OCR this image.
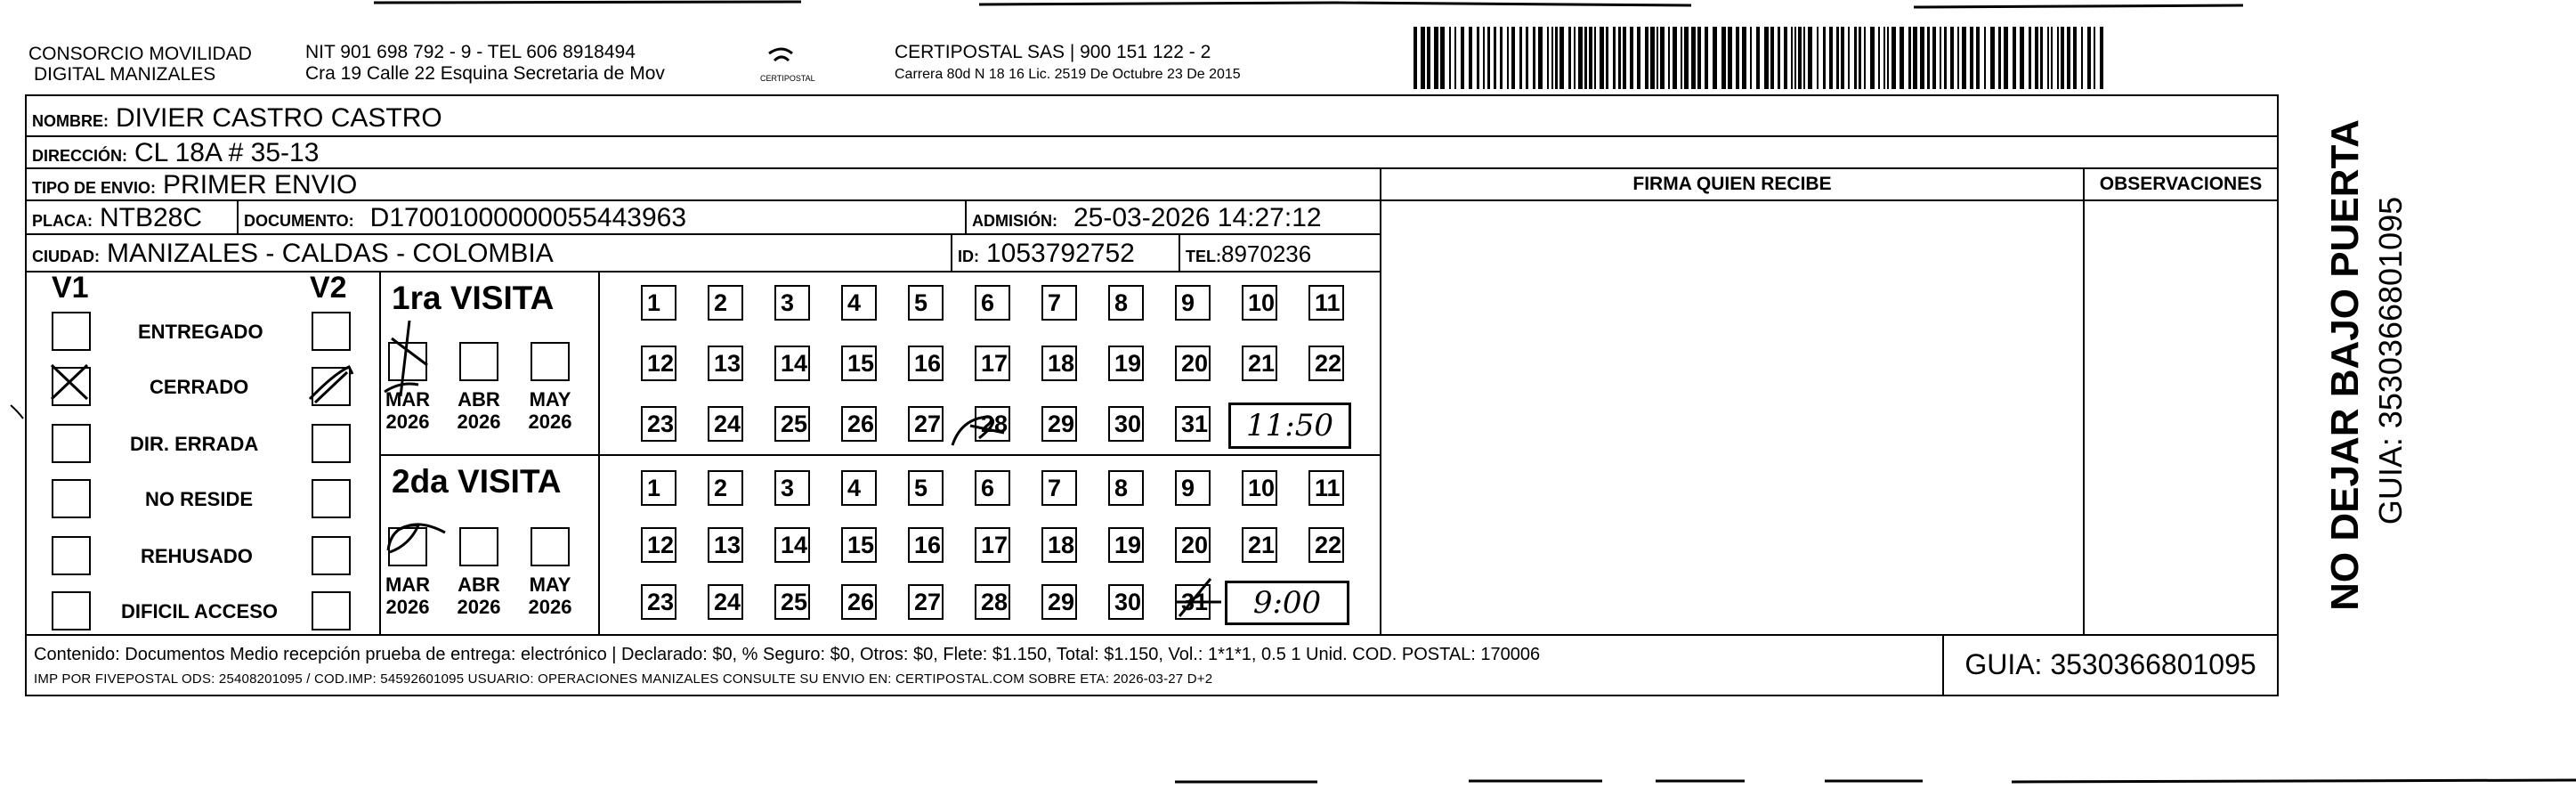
CONSORCIO MOVILIDAD
DIGITAL MANIZALES
NIT 901 698 792 - 9 - TEL 606 8918494
Cra 19 Calle 22 Esquina Secretaria de Mov	CERTIPOSTAL
CERTIPOSTAL SAS | 900 151 122 - 2
Carrera 80d N 18 16 Lic. 2519 De Octubre 23 De 2015
NOMBRE: DIVIER CASTRO CASTRO
DIRECCIÓN: CL 18A # 35-13
TIPO DE ENVIO: PRIMER ENVIO	FIRMA QUIEN RECIBE	OBSERVACIONES
PLACA: NTB28C	DOCUMENTO: D17001000000055443963	ADMISIÓN: 25-03-2026 14:27:12
CIUDAD: MANIZALES - CALDAS - COLOMBIA	ID: 1053792752	TEL: 8970236
V1	V2
ENTREGADO
CERRADO
DIR. ERRADA
NO RESIDE
REHUSADO
DIFICIL ACCESO
1ra VISITA
2da VISITA
MAR
2026
ABR
2026
MAY
2026
MAR
2026
ABR
2026
MAY
2026
1	2	3	4	5	6	7	8	9	10 11
12 13 14 15 16 17 18 19 20 21 22
23 24 25 26 27 28 29 30 31
1	2	3	4	5	6	7	8	9	10 11
12 13 14 15 16 17 18 19 20 21 22
23 24 25 26 27 28 29 30 31
11:50
9:00
Contenido: Documentos Medio recepción prueba de entrega: electrónico | Declarado: $0, % Seguro: $0, Otros: $0, Flete: $1.150, Total: $1.150, Vol.: 1*1*1, 0.5 1 Unid. COD. POSTAL: 170006
IMP POR FIVEPOSTAL ODS: 25408201095 / COD.IMP: 54592601095 USUARIO: OPERACIONES MANIZALES CONSULTE SU ENVIO EN: CERTIPOSTAL.COM SOBRE ETA: 2026-03-27 D+2	GUIA: 3530366801095
NO DEJAR BAJO PUERTA GUIA: 3530366801095
